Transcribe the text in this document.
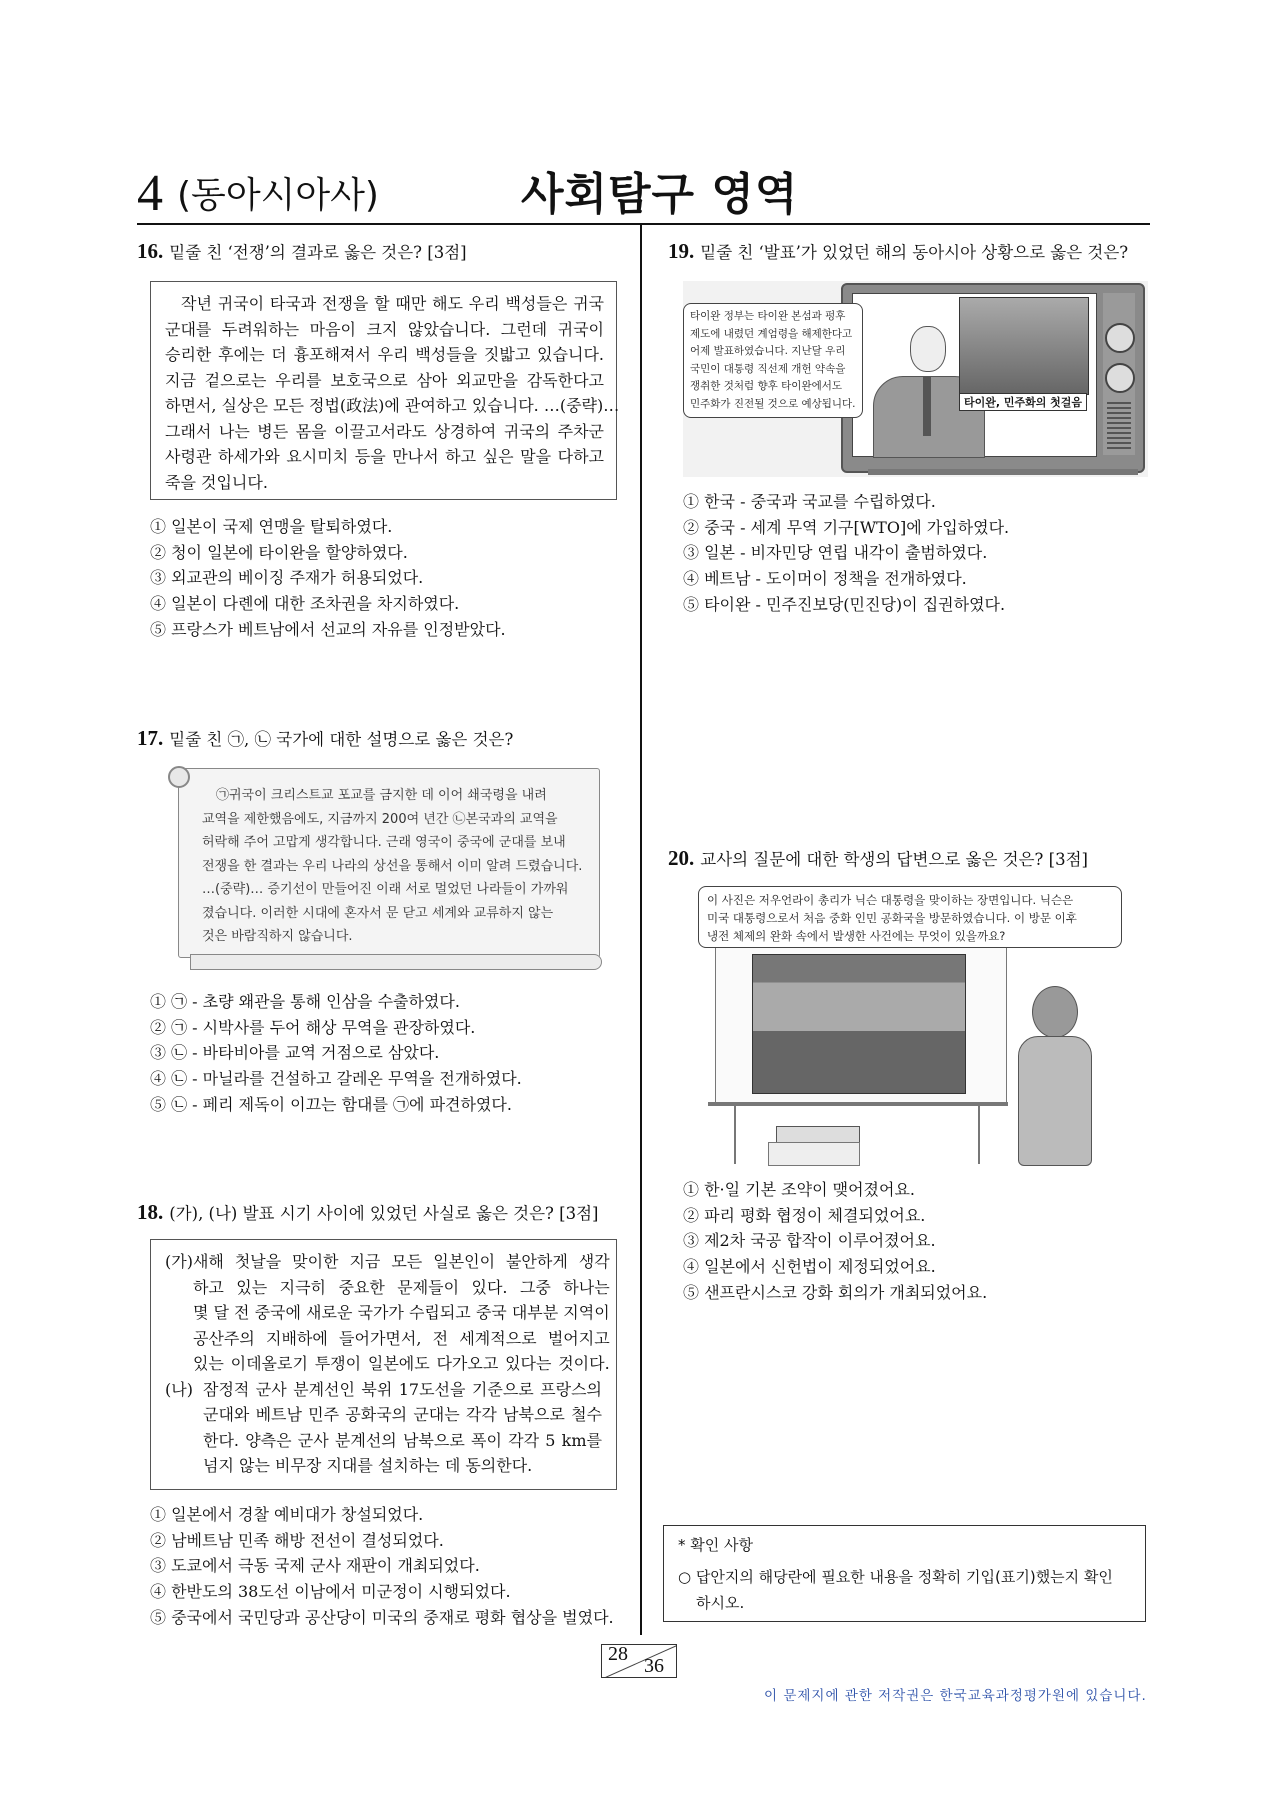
4 (동아시아사)	사회탐구 영역
16. 밑줄 친 ‘전쟁’의 결과로 옳은 것은? [3점]
작년 귀국이 타국과 전쟁을 할 때만 해도 우리 백성들은 귀국
군대를 두려워하는 마음이 크지 않았습니다. 그런데 귀국이
승리한 후에는 더 흉포해져서 우리 백성들을 짓밟고 있습니다.
지금 겉으로는 우리를 보호국으로 삼아 외교만을 감독한다고
하면서, 실상은 모든 정법(政法)에 관여하고 있습니다. …(중략)…
그래서 나는 병든 몸을 이끌고서라도 상경하여 귀국의 주차군
사령관 하세가와 요시미치 등을 만나서 하고 싶은 말을 다하고
죽을 것입니다.
① 일본이 국제 연맹을 탈퇴하였다.
② 청이 일본에 타이완을 할양하였다.
③ 외교관의 베이징 주재가 허용되었다.
④ 일본이 다롄에 대한 조차권을 차지하였다.
⑤ 프랑스가 베트남에서 선교의 자유를 인정받았다.
17. 밑줄 친 ㉠, ㉡ 국가에 대한 설명으로 옳은 것은?
㉠귀국이 크리스트교 포교를 금지한 데 이어 쇄국령을 내려
교역을 제한했음에도, 지금까지 200여 년간 ㉡본국과의 교역을
허락해 주어 고맙게 생각합니다. 근래 영국이 중국에 군대를 보내
전쟁을 한 결과는 우리 나라의 상선을 통해서 이미 알려 드렸습니다.
…(중략)… 증기선이 만들어진 이래 서로 멀었던 나라들이 가까워
졌습니다. 이러한 시대에 혼자서 문 닫고 세계와 교류하지 않는
것은 바람직하지 않습니다.
① ㉠ - 초량 왜관을 통해 인삼을 수출하였다.
② ㉠ - 시박사를 두어 해상 무역을 관장하였다.
③ ㉡ - 바타비아를 교역 거점으로 삼았다.
④ ㉡ - 마닐라를 건설하고 갈레온 무역을 전개하였다.
⑤ ㉡ - 페리 제독이 이끄는 함대를 ㉠에 파견하였다.
18. (가), (나) 발표 시기 사이에 있었던 사실로 옳은 것은? [3점]
(가) 새해 첫날을 맞이한 지금 모든 일본인이 불안하게 생각
하고 있는 지극히 중요한 문제들이 있다. 그중 하나는
몇 달 전 중국에 새로운 국가가 수립되고 중국 대부분 지역이
공산주의 지배하에 들어가면서, 전 세계적으로 벌어지고
있는 이데올로기 투쟁이 일본에도 다가오고 있다는 것이다.
(나) 잠정적 군사 분계선인 북위 17도선을 기준으로 프랑스의
군대와 베트남 민주 공화국의 군대는 각각 남북으로 철수
한다. 양측은 군사 분계선의 남북으로 폭이 각각 5 km를
넘지 않는 비무장 지대를 설치하는 데 동의한다.
① 일본에서 경찰 예비대가 창설되었다.
② 남베트남 민족 해방 전선이 결성되었다.
③ 도쿄에서 극동 국제 군사 재판이 개최되었다.
④ 한반도의 38도선 이남에서 미군정이 시행되었다.
⑤ 중국에서 국민당과 공산당이 미국의 중재로 평화 협상을 벌였다.
19. 밑줄 친 ‘발표’가 있었던 해의 동아시아 상황으로 옳은 것은?
타이완, 민주화의 첫걸음
타이완 정부는 타이완 본섬과 펑후
제도에 내렸던 계엄령을 해제한다고
어제 발표하였습니다. 지난달 우리
국민이 대통령 직선제 개헌 약속을
쟁취한 것처럼 향후 타이완에서도
민주화가 진전될 것으로 예상됩니다.
① 한국 - 중국과 국교를 수립하였다.
② 중국 - 세계 무역 기구[WTO]에 가입하였다.
③ 일본 - 비자민당 연립 내각이 출범하였다.
④ 베트남 - 도이머이 정책을 전개하였다.
⑤ 타이완 - 민주진보당(민진당)이 집권하였다.
20. 교사의 질문에 대한 학생의 답변으로 옳은 것은? [3점]
이 사진은 저우언라이 총리가 닉슨 대통령을 맞이하는 장면입니다. 닉슨은
미국 대통령으로서 처음 중화 인민 공화국을 방문하였습니다. 이 방문 이후
냉전 체제의 완화 속에서 발생한 사건에는 무엇이 있을까요?
① 한·일 기본 조약이 맺어졌어요.
② 파리 평화 협정이 체결되었어요.
③ 제2차 국공 합작이 이루어졌어요.
④ 일본에서 신헌법이 제정되었어요.
⑤ 샌프란시스코 강화 회의가 개최되었어요.
* 확인 사항
○ 답안지의 해당란에 필요한 내용을 정확히 기입(표기)했는지 확인
하시오.
28
36
이 문제지에 관한 저작권은 한국교육과정평가원에 있습니다.
